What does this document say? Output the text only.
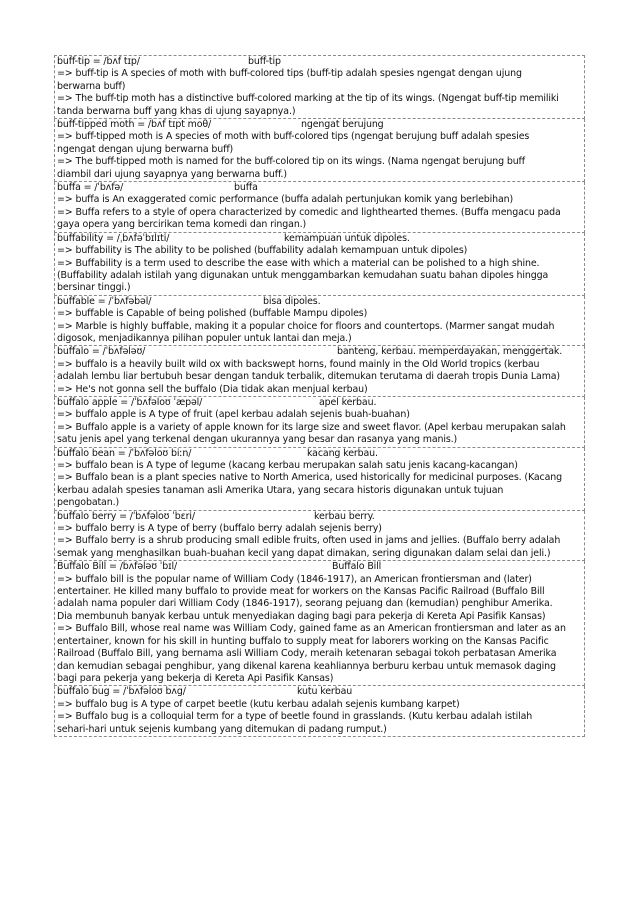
buff-tip = /bʌf tɪp/	buff-tip
=> buff-tip is A species of moth with buff-colored tips (buff-tip adalah spesies ngengat dengan ujung
berwarna buff)
=> The buff-tip moth has a distinctive buff-colored marking at the tip of its wings. (Ngengat buff-tip memiliki
tanda berwarna buff yang khas di ujung sayapnya.)
buff-tipped moth = /bʌf tɪpt moθ/	ngengat berujung
=> buff-tipped moth is A species of moth with buff-colored tips (ngengat berujung buff adalah spesies
ngengat dengan ujung berwarna buff)
=> The buff-tipped moth is named for the buff-colored tip on its wings. (Nama ngengat berujung buff
diambil dari ujung sayapnya yang berwarna buff.)
buffa = /ˈbʌfə/	buffa
=> buffa is An exaggerated comic performance (buffa adalah pertunjukan komik yang berlebihan)
=> Buffa refers to a style of opera characterized by comedic and lighthearted themes. (Buffa mengacu pada
gaya opera yang bercirikan tema komedi dan ringan.)
buffability = /ˌbʌfəˈbɪlɪti/	kemampuan untuk dipoles.
=> buffability is The ability to be polished (buffability adalah kemampuan untuk dipoles)
=> Buffability is a term used to describe the ease with which a material can be polished to a high shine.
(Buffability adalah istilah yang digunakan untuk menggambarkan kemudahan suatu bahan dipoles hingga
bersinar tinggi.)
buffable = /ˈbʌfəbəl/	bisa dipoles.
=> buffable is Capable of being polished (buffable Mampu dipoles)
=> Marble is highly buffable, making it a popular choice for floors and countertops. (Marmer sangat mudah
digosok, menjadikannya pilihan populer untuk lantai dan meja.)
buffalo = /ˈbʌfələʊ/	banteng, kerbau. memperdayakan, menggertak.
=> buffalo is a heavily built wild ox with backswept horns, found mainly in the Old World tropics (kerbau
adalah lembu liar bertubuh besar dengan tanduk terbalik, ditemukan terutama di daerah tropis Dunia Lama)
=> He's not gonna sell the buffalo (Dia tidak akan menjual kerbau)
buffalo apple = /ˈbʌfəloʊ ˈæpəl/	apel kerbau.
=> buffalo apple is A type of fruit (apel kerbau adalah sejenis buah-buahan)
=> Buffalo apple is a variety of apple known for its large size and sweet flavor. (Apel kerbau merupakan salah
satu jenis apel yang terkenal dengan ukurannya yang besar dan rasanya yang manis.)
buffalo bean = /ˈbʌfəloʊ biːn/	kacang kerbau.
=> buffalo bean is A type of legume (kacang kerbau merupakan salah satu jenis kacang-kacangan)
=> Buffalo bean is a plant species native to North America, used historically for medicinal purposes. (Kacang
kerbau adalah spesies tanaman asli Amerika Utara, yang secara historis digunakan untuk tujuan
pengobatan.)
buffalo berry = /ˈbʌfəloʊ ˈbɛri/	kerbau berry.
=> buffalo berry is A type of berry (buffalo berry adalah sejenis berry)
=> Buffalo berry is a shrub producing small edible fruits, often used in jams and jellies. (Buffalo berry adalah
semak yang menghasilkan buah-buahan kecil yang dapat dimakan, sering digunakan dalam selai dan jeli.)
Buffalo Bill = /bʌfələʊ ˈbɪl/	Buffalo Bill
=> buffalo bill is the popular name of William Cody (1846-1917), an American frontiersman and (later)
entertainer. He killed many buffalo to provide meat for workers on the Kansas Pacific Railroad (Buffalo Bill
adalah nama populer dari William Cody (1846-1917), seorang pejuang dan (kemudian) penghibur Amerika.
Dia membunuh banyak kerbau untuk menyediakan daging bagi para pekerja di Kereta Api Pasifik Kansas)
=> Buffalo Bill, whose real name was William Cody, gained fame as an American frontiersman and later as an
entertainer, known for his skill in hunting buffalo to supply meat for laborers working on the Kansas Pacific
Railroad (Buffalo Bill, yang bernama asli William Cody, meraih ketenaran sebagai tokoh perbatasan Amerika
dan kemudian sebagai penghibur, yang dikenal karena keahliannya berburu kerbau untuk memasok daging
bagi para pekerja yang bekerja di Kereta Api Pasifik Kansas)
buffalo bug = /ˈbʌfəloʊ bʌg/	kutu kerbau
=> buffalo bug is A type of carpet beetle (kutu kerbau adalah sejenis kumbang karpet)
=> Buffalo bug is a colloquial term for a type of beetle found in grasslands. (Kutu kerbau adalah istilah
sehari-hari untuk sejenis kumbang yang ditemukan di padang rumput.)
